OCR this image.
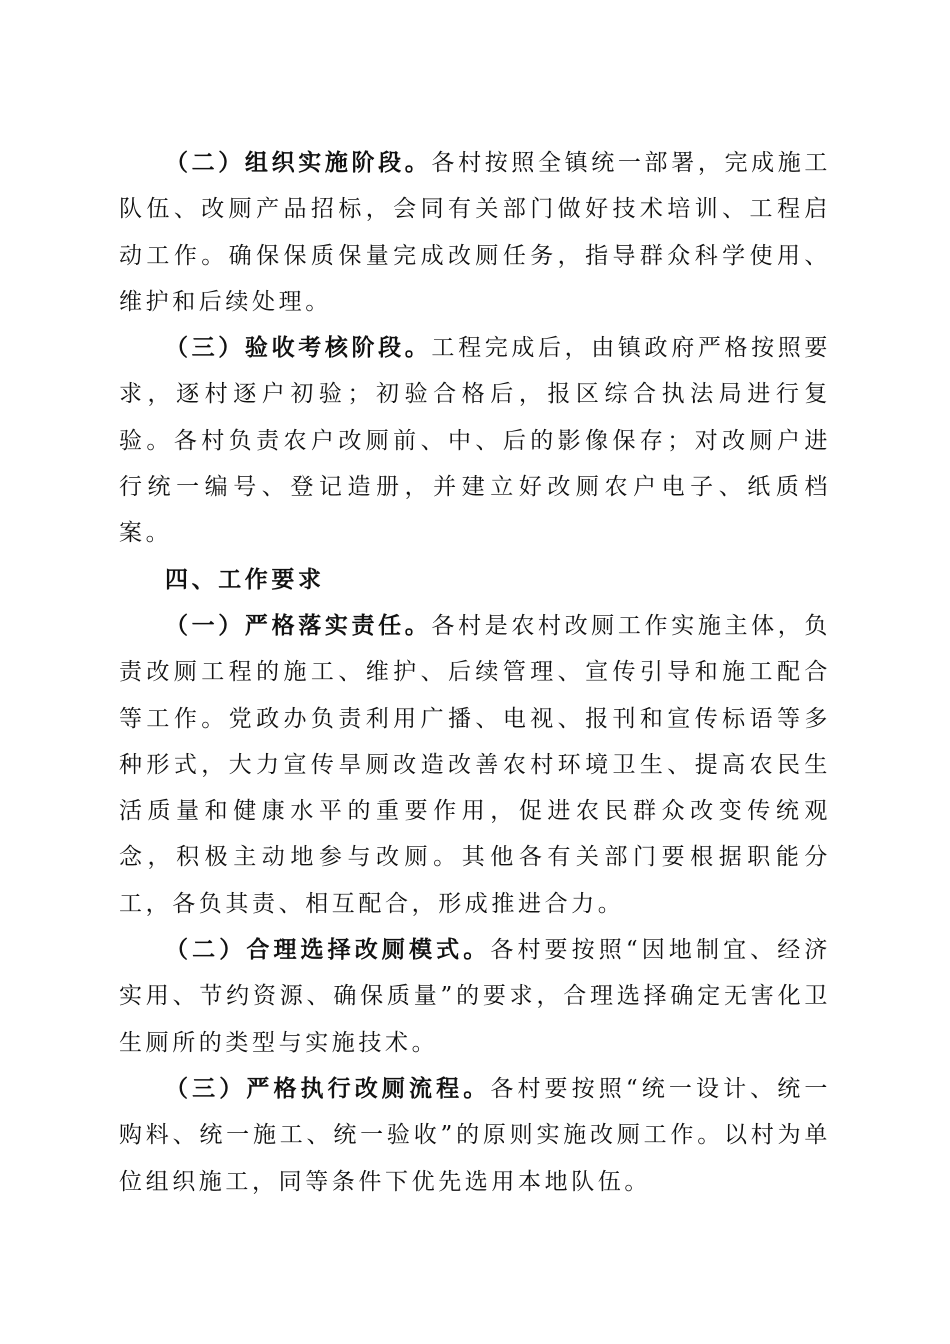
（二）组织实施阶段。各村按照全镇统一部署，完成施工队伍、改厕产品招标，会同有关部门做好技术培训、工程启动工作。确保保质保量完成改厕任务，指导群众科学使用、维护和后续处理。

（三）验收考核阶段。工程完成后，由镇政府严格按照要求，逐村逐户初验；初验合格后，报区综合执法局进行复验。各村负责农户改厕前、中、后的影像保存；对改厕户进行统一编号、登记造册，并建立好改厕农户电子、纸质档案。

四、工作要求

（一）严格落实责任。各村是农村改厕工作实施主体，负责改厕工程的施工、维护、后续管理、宣传引导和施工配合等工作。党政办负责利用广播、电视、报刊和宣传标语等多种形式，大力宣传旱厕改造改善农村环境卫生、提高农民生活质量和健康水平的重要作用，促进农民群众改变传统观念，积极主动地参与改厕。其他各有关部门要根据职能分工，各负其责、相互配合，形成推进合力。

（二）合理选择改厕模式。各村要按照“因地制宜、经济实用、节约资源、确保质量”的要求，合理选择确定无害化卫生厕所的类型与实施技术。

（三）严格执行改厕流程。各村要按照“统一设计、统一购料、统一施工、统一验收”的原则实施改厕工作。以村为单位组织施工，同等条件下优先选用本地队伍。
